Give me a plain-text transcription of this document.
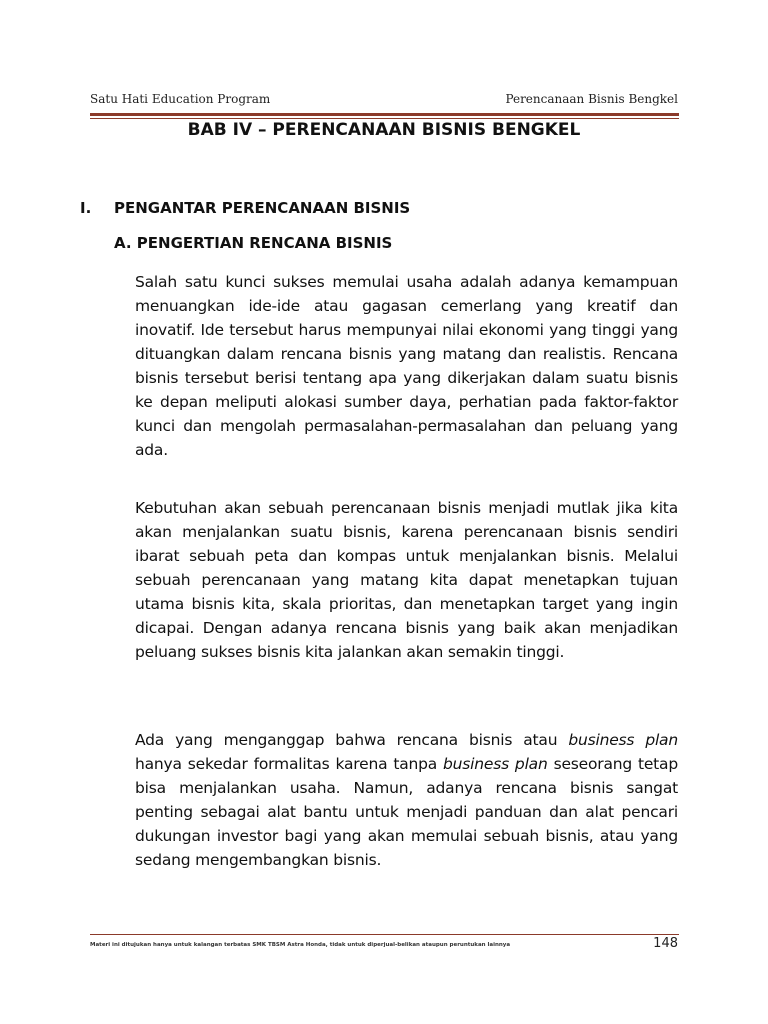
Satu Hati Education Program	Perencanaan Bisnis Bengkel
BAB IV – PERENCANAAN BISNIS BENGKEL
I. PENGANTAR PERENCANAAN BISNIS
A. PENGERTIAN RENCANA BISNIS

Salah satu kunci sukses memulai usaha adalah adanya kemampuan menuangkan ide-ide atau gagasan cemerlang yang kreatif dan inovatif. Ide tersebut harus mempunyai nilai ekonomi yang tinggi yang dituangkan dalam rencana bisnis yang matang dan realistis. Rencana bisnis tersebut berisi tentang apa yang dikerjakan dalam suatu bisnis ke depan meliputi alokasi sumber daya, perhatian pada faktor-faktor kunci dan mengolah permasalahan-permasalahan dan peluang yang ada.

Kebutuhan akan sebuah perencanaan bisnis menjadi mutlak jika kita akan menjalankan suatu bisnis, karena perencanaan bisnis sendiri ibarat sebuah peta dan kompas untuk menjalankan bisnis. Melalui sebuah perencanaan yang matang kita dapat menetapkan tujuan utama bisnis kita, skala prioritas, dan menetapkan target yang ingin dicapai. Dengan adanya rencana bisnis yang baik akan menjadikan peluang sukses bisnis kita jalankan akan semakin tinggi.

Ada yang menganggap bahwa rencana bisnis atau business plan hanya sekedar formalitas karena tanpa business plan seseorang tetap bisa menjalankan usaha. Namun, adanya rencana bisnis sangat penting sebagai alat bantu untuk menjadi panduan dan alat pencari dukungan investor bagi yang akan memulai sebuah bisnis, atau yang sedang mengembangkan bisnis.

Materi ini ditujukan hanya untuk kalangan terbatas SMK TBSM Astra Honda, tidak untuk diperjual-belikan ataupun peruntukan lainnya	148
